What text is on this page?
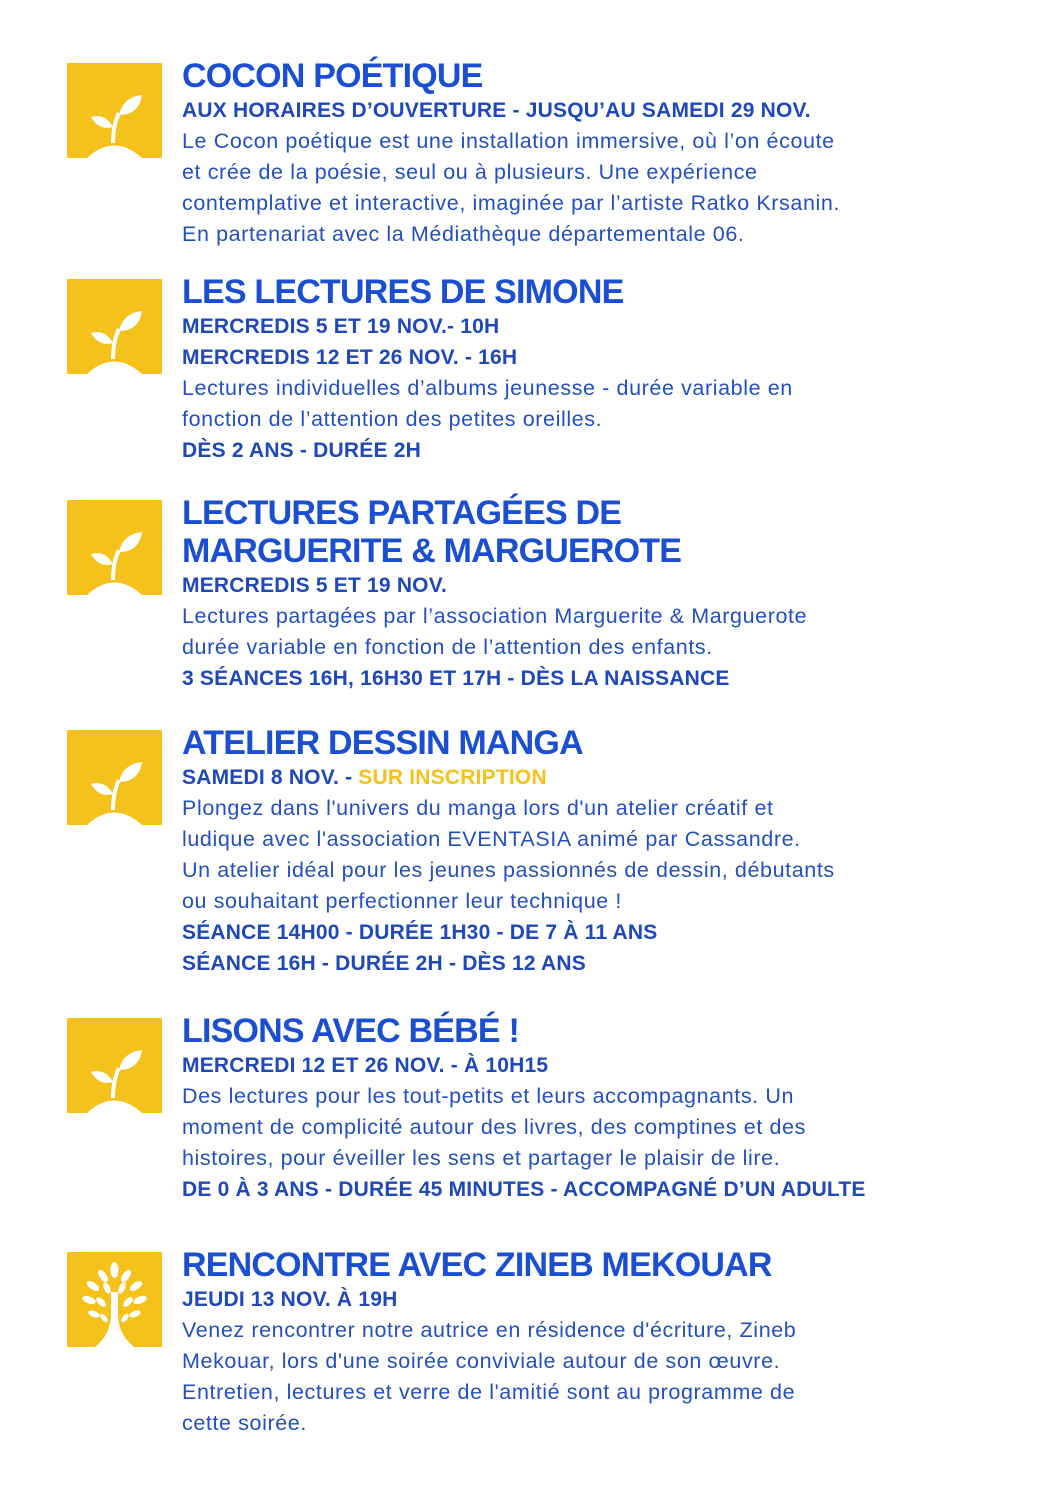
COCON POÉTIQUE
AUX HORAIRES D’OUVERTURE - JUSQU’AU SAMEDI 29 NOV.
Le Cocon poétique est une installation immersive, où l’on écoute
et crée de la poésie, seul ou à plusieurs. Une expérience
contemplative et interactive, imaginée par l’artiste Ratko Krsanin.
En partenariat avec la Médiathèque départementale 06.
LES LECTURES DE SIMONE
MERCREDIS 5 ET 19 NOV.- 10H
MERCREDIS 12 ET 26 NOV. - 16H
Lectures individuelles d’albums jeunesse - durée variable en
fonction de l’attention des petites oreilles.
DÈS 2 ANS - DURÉE 2H
LECTURES PARTAGÉES DE
MARGUERITE & MARGUEROTE
MERCREDIS 5 ET 19 NOV.
Lectures partagées par l’association Marguerite & Marguerote
durée variable en fonction de l’attention des enfants.
3 SÉANCES 16H, 16H30 ET 17H - DÈS LA NAISSANCE
ATELIER DESSIN MANGA
SAMEDI 8 NOV. - SUR INSCRIPTION
Plongez dans l'univers du manga lors d'un atelier créatif et
ludique avec l'association EVENTASIA animé par Cassandre.
Un atelier idéal pour les jeunes passionnés de dessin, débutants
ou souhaitant perfectionner leur technique !
SÉANCE 14H00 - DURÉE 1H30 - DE 7 À 11 ANS
SÉANCE 16H - DURÉE 2H - DÈS 12 ANS
LISONS AVEC BÉBÉ !
MERCREDI 12 ET 26 NOV. - À 10H15
Des lectures pour les tout-petits et leurs accompagnants. Un
moment de complicité autour des livres, des comptines et des
histoires, pour éveiller les sens et partager le plaisir de lire.
DE 0 À 3 ANS - DURÉE 45 MINUTES - ACCOMPAGNÉ D’UN ADULTE
RENCONTRE AVEC ZINEB MEKOUAR
JEUDI 13 NOV. À 19H
Venez rencontrer notre autrice en résidence d'écriture, Zineb
Mekouar, lors d'une soirée conviviale autour de son œuvre.
Entretien, lectures et verre de l'amitié sont au programme de
cette soirée.
